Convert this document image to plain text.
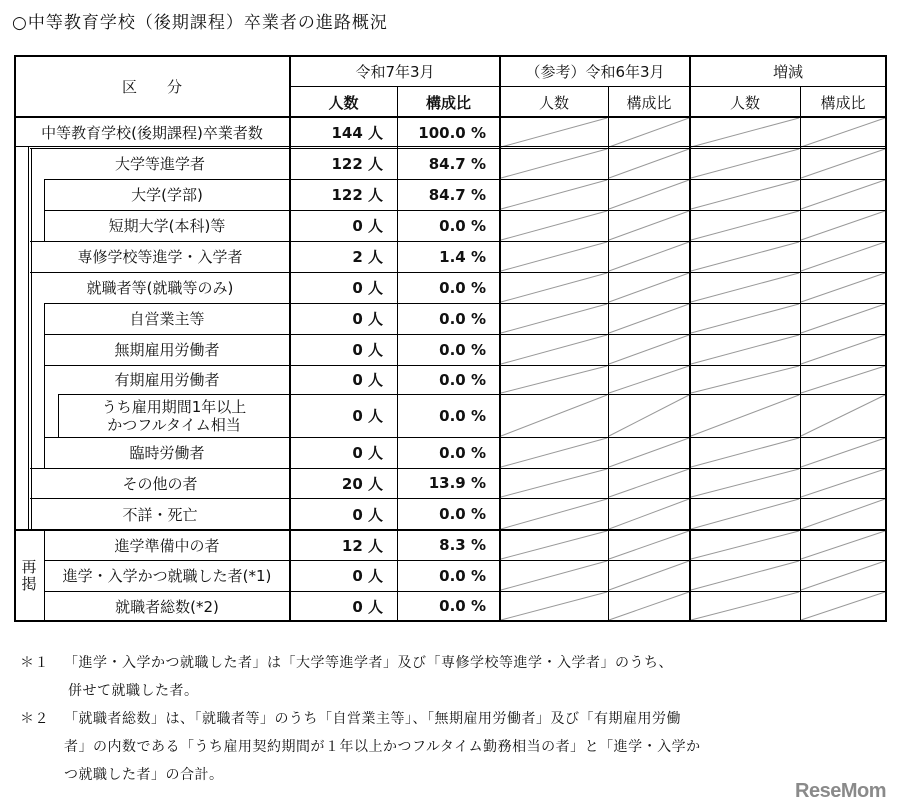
○中等教育学校（後期課程）卒業者の進路概況
区　　分
令和7年3月	（参考）令和6年3月	増減
人数	構成比	人数	構成比	人数	構成比
再掲
中等教育学校(後期課程)卒業者数	144 人	100.0 %
大学等進学者	122 人	84.7 %
大学(学部)	122 人	84.7 %
短期大学(本科)等	0 人	0.0 %
専修学校等進学・入学者	2 人	1.4 %
就職者等(就職等のみ)	0 人	0.0 %
自営業主等	0 人	0.0 %
無期雇用労働者	0 人	0.0 %
有期雇用労働者	0 人	0.0 %
うち雇用期間1年以上
かつフルタイム相当	0 人	0.0 %
臨時労働者	0 人	0.0 %
その他の者	20 人	13.9 %
不詳・死亡	0 人	0.0 %
進学準備中の者	12 人	8.3 %
進学・入学かつ就職した者(*1)	0 人	0.0 %
就職者総数(*2)	0 人	0.0 %
＊１ 「進学・入学かつ就職した者」は「大学等進学者」及び「専修学校等進学・入学者」のうち、
併せて就職した者。
＊２ 「就職者総数」は、「就職者等」のうち「自営業主等」、「無期雇用労働者」及び「有期雇用労働
者」の内数である「うち雇用契約期間が１年以上かつフルタイム勤務相当の者」と「進学・入学か
つ就職した者」の合計。
ReseMom
